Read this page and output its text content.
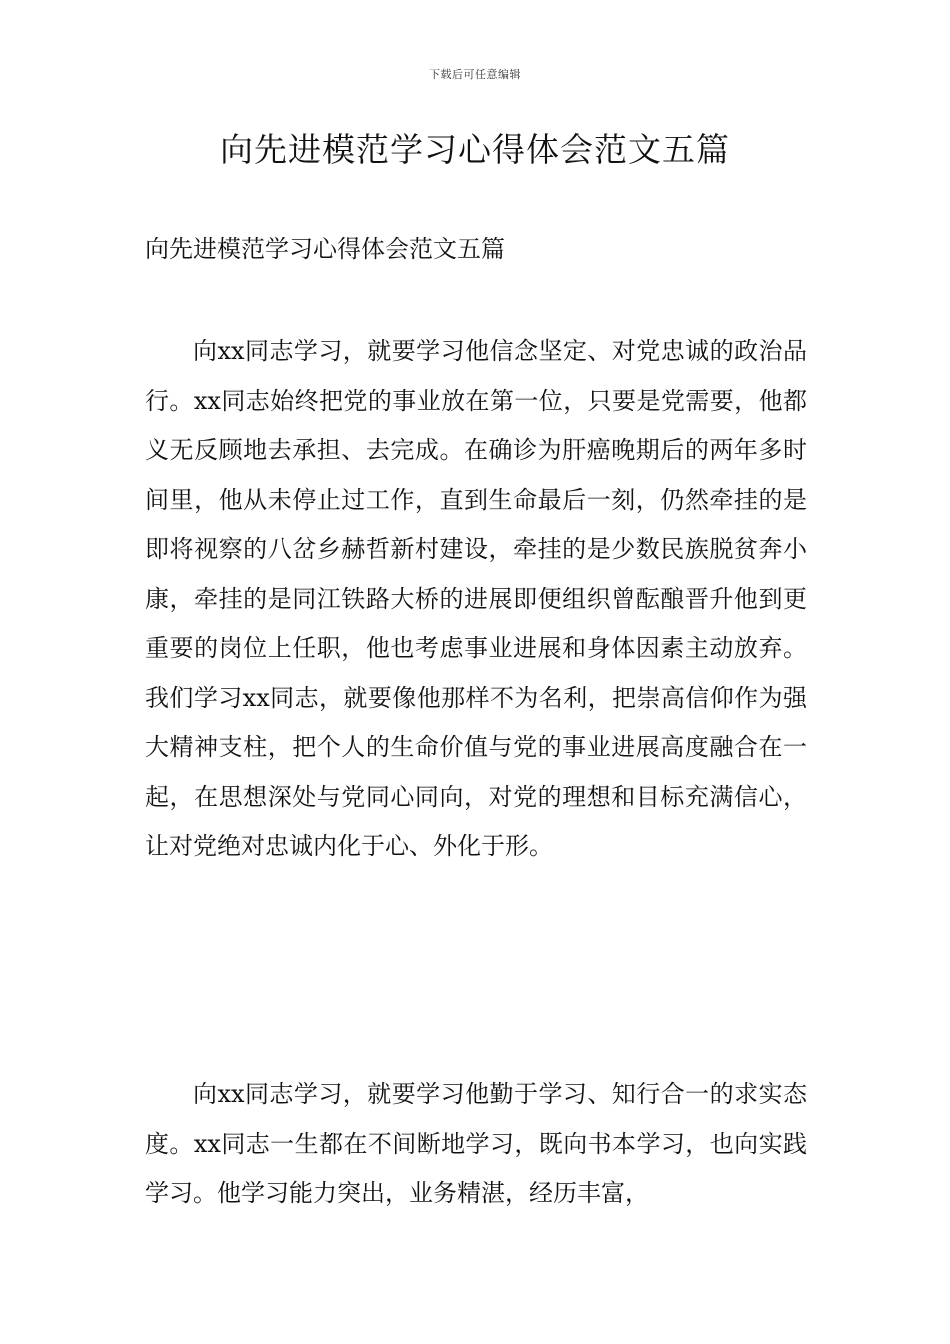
下载后可任意编辑
向先进模范学习心得体会范文五篇
向先进模范学习心得体会范文五篇

向xx同志学习，就要学习他信念坚定、对党忠诚的政治品行。xx同志始终把党的事业放在第一位，只要是党需要，他都义无反顾地去承担、去完成。在确诊为肝癌晚期后的两年多时间里，他从未停止过工作，直到生命最后一刻，仍然牵挂的是即将视察的八岔乡赫哲新村建设，牵挂的是少数民族脱贫奔小康，牵挂的是同江铁路大桥的进展即便组织曾酝酿晋升他到更重要的岗位上任职，他也考虑事业进展和身体因素主动放弃。我们学习xx同志，就要像他那样不为名利，把崇高信仰作为强大精神支柱，把个人的生命价值与党的事业进展高度融合在一起，在思想深处与党同心同向，对党的理想和目标充满信心，让对党绝对忠诚内化于心、外化于形。

向xx同志学习，就要学习他勤于学习、知行合一的求实态度。xx同志一生都在不间断地学习，既向书本学习，也向实践学习。他学习能力突出，业务精湛，经历丰富，
